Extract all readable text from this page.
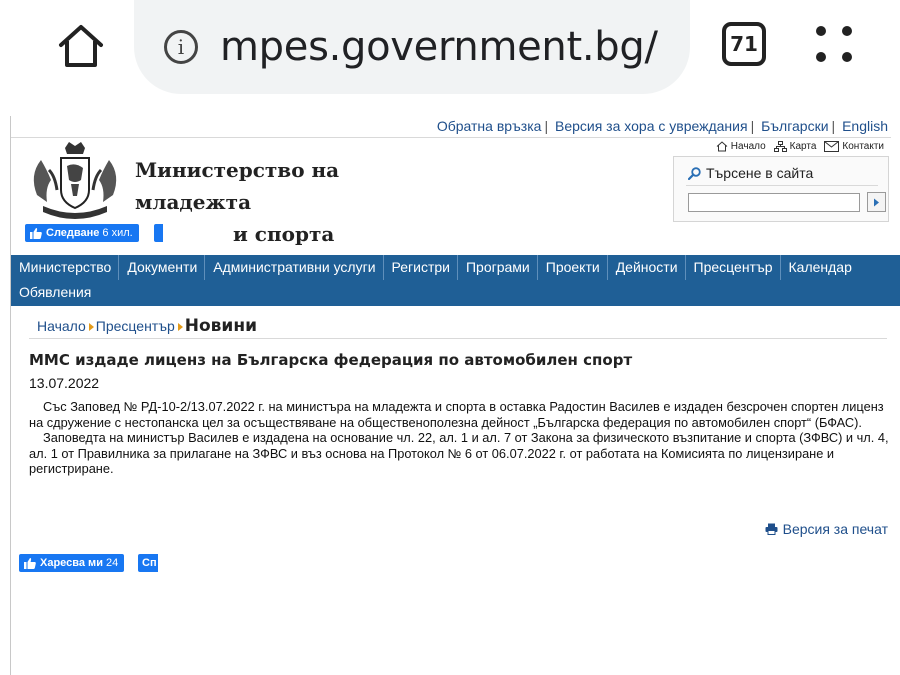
i mpes.government.bg/	71
Обратна връзка | Версия за хора с увреждания | Български | English
Министерство на младежта
и спорта
Следване 6 хил.
Начало Карта	Контакти
Търсене в сайта
Министерство	Документи	Административни услуги	Регистри	Програми	Проекти	Дейности	Пресцентър	Календар
Обявления
Начало Пресцентър Новини
ММС издаде лиценз на Българска федерация по автомобилен спорт
13.07.2022

Със Заповед № РД-10-2/13.07.2022 г. на министъра на младежта и спорта в оставка Радостин Василев е издаден безсрочен спортен лиценз на сдружение с нестопанска цел за осъществяване на общественополезна дейност „Българска федерация по автомобилен спорт“ (БФАС).

Заповедта на министър Василев е издадена на основание чл. 22, ал. 1 и ал. 7 от Закона за физическото възпитание и спорта (ЗФВС) и чл. 4, ал. 1 от Правилника за прилагане на ЗФВС и въз основа на Протокол № 6 от 06.07.2022 г. от работата на Комисията по лицензиране и регистриране.

Версия за печат
Харесва ми 24	Сп
